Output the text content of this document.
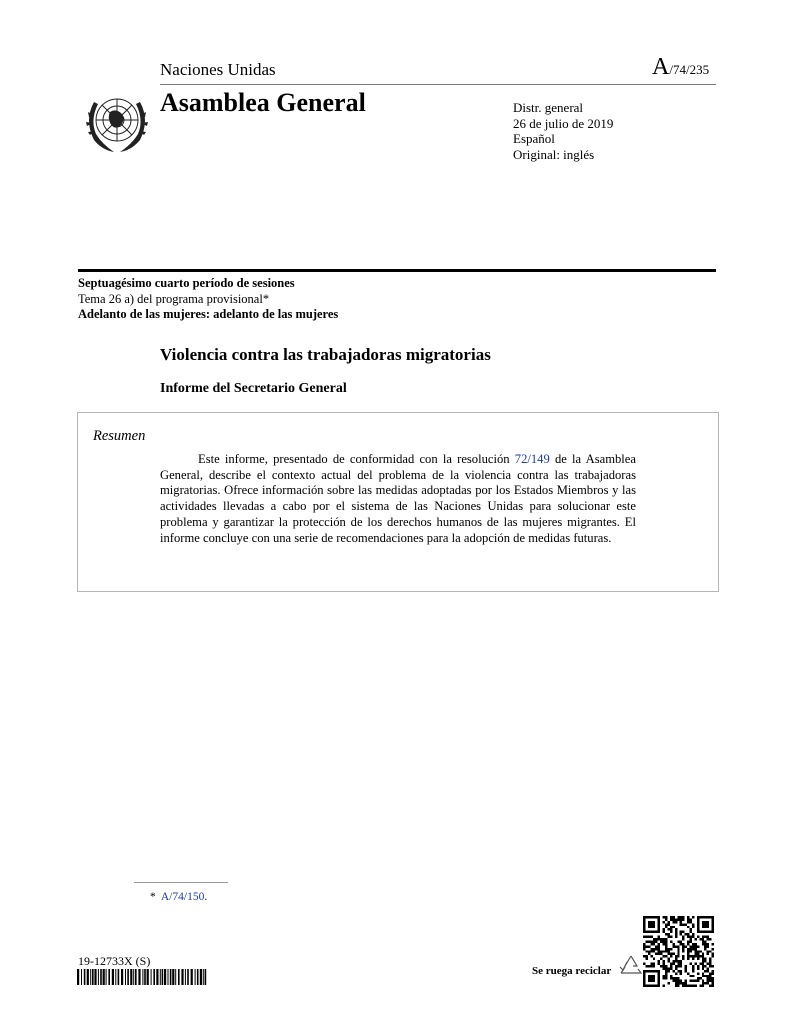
Naciones Unidas	A/74/235
Asamblea General	Distr. general
26 de julio de 2019
Español
Original: inglés
Septuagésimo cuarto período de sesiones
Tema 26 a) del programa provisional*
Adelanto de las mujeres: adelanto de las mujeres
Violencia contra las trabajadoras migratorias
Informe del Secretario General
Resumen
Este informe, presentado de conformidad con la resolución 72/149 de la Asamblea General, describe el contexto actual del problema de la violencia contra las trabajadoras migratorias. Ofrece información sobre las medidas adoptadas por los Estados Miembros y las actividades llevadas a cabo por el sistema de las Naciones Unidas para solucionar este problema y garantizar la protección de los derechos humanos de las mujeres migrantes. El informe concluye con una serie de recomendaciones para la adopción de medidas futuras.
* A/74/150.
19-12733X (S)
Se ruega reciclar
